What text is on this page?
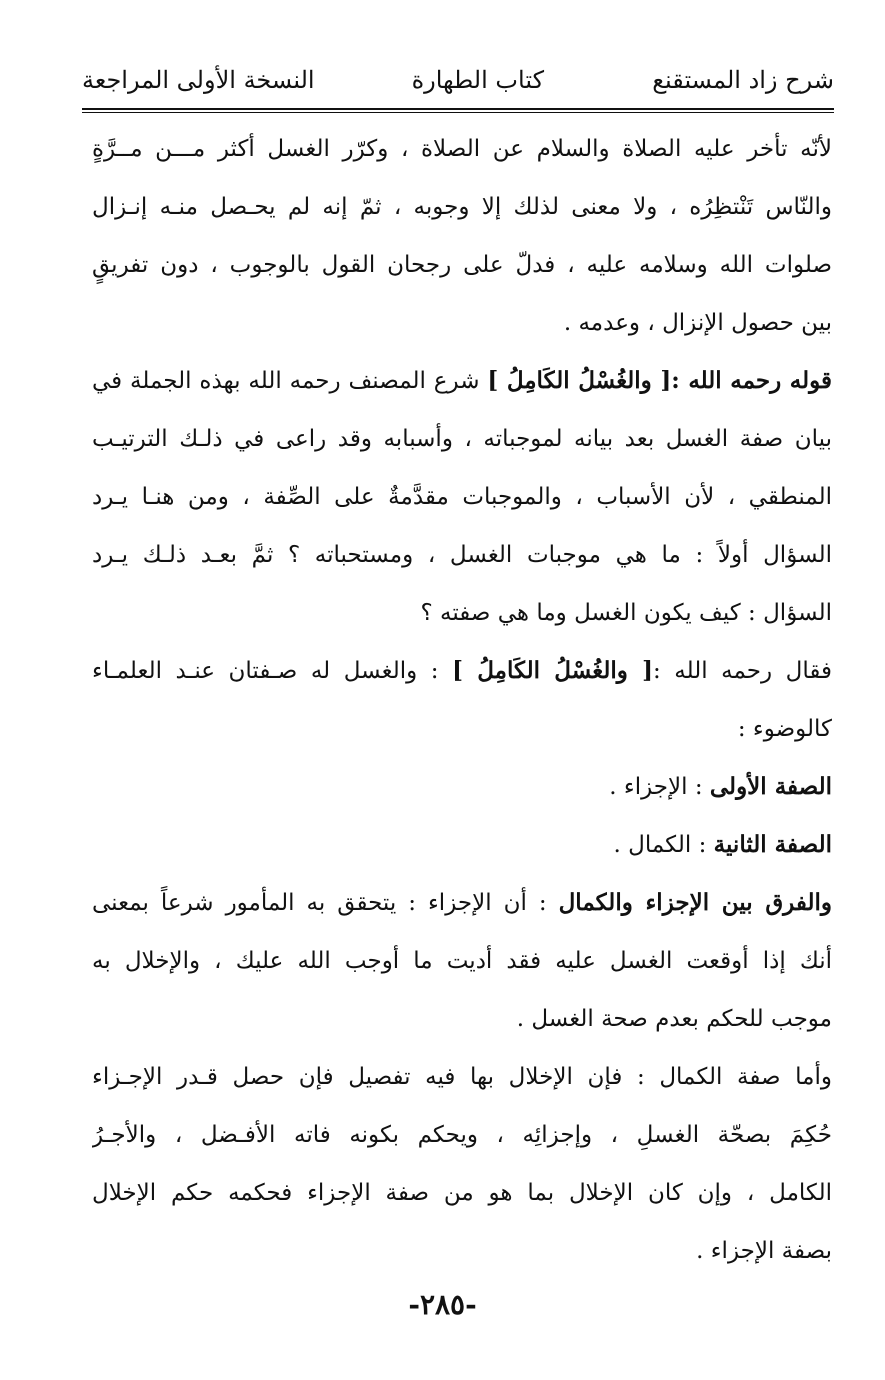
شرح زاد المستقنع
كتاب الطهارة
النسخة الأولى المراجعة
لأنّه تأخر عليه الصلاة والسلام عن الصلاة ، وكرّر الغسل أكثر مـــن مــرَّةٍ
والنّاس تَنْتظِرُه ، ولا معنى لذلك إلا وجوبه ، ثمّ إنه لم يحـصل منـه إنـزال
صلوات الله وسلامه عليه ، فدلّ على رجحان القول بالوجوب ، دون تفريقٍ
بين حصول الإنزال ، وعدمه .
قوله رحمه الله :[ والغُسْلُ الكَامِلُ ] شرع المصنف رحمه الله بهذه الجملة في
بيان صفة الغسل بعد بيانه لموجباته ، وأسبابه وقد راعى في ذلـك الترتيـب
المنطقي ، لأن الأسباب ، والموجبات مقدَّمةٌ على الصِّفة ، ومن هنـا يـرد
السؤال أولاً : ما هي موجبات الغسل ، ومستحباته ؟ ثمَّ بعـد ذلـك يـرد
السؤال : كيف يكون الغسل وما هي صفته ؟
فقال رحمه الله :[ والغُسْلُ الكَامِلُ ] : والغسل له صـفتان عنـد العلمـاء
كالوضوء :
الصفة الأولى : الإجزاء .
الصفة الثانية : الكمال .
والفرق بين الإجزاء والكمال : أن الإجزاء : يتحقق به المأمور شرعاً بمعنى
أنك إذا أوقعت الغسل عليه فقد أديت ما أوجب الله عليك ، والإخلال به
موجب للحكم بعدم صحة الغسل .
وأما صفة الكمال : فإن الإخلال بها فيه تفصيل فإن حصل قـدر الإجـزاء
حُكِمَ بصحّة الغسلِ ، وإجزائِه ، ويحكم بكونه فاته الأفـضل ، والأجـرُ
الكامل ، وإن كان الإخلال بما هو من صفة الإجزاء فحكمه حكم الإخلال
بصفة الإجزاء .
-٢٨٥-
